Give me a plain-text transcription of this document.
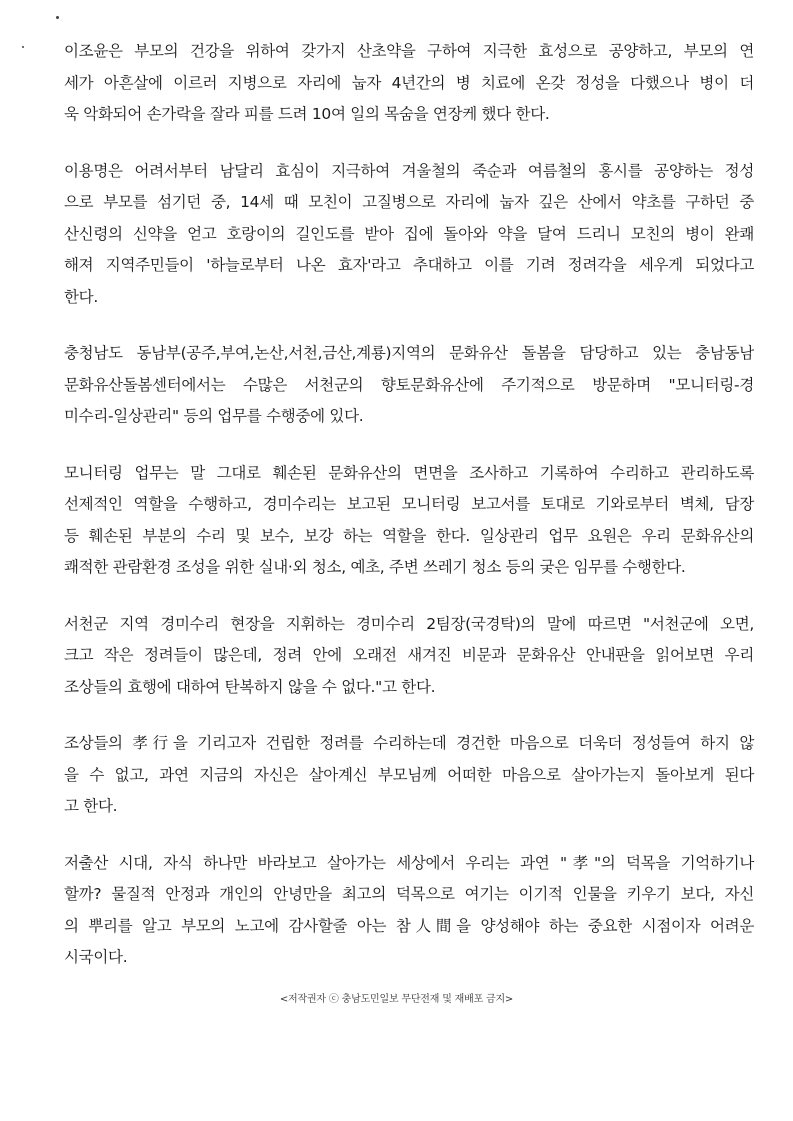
이조윤은 부모의 건강을 위하여 갖가지 산초약을 구하여 지극한 효성으로 공양하고, 부모의 연
세가 아흔살에 이르러 지병으로 자리에 눕자 4년간의 병 치료에 온갖 정성을 다했으나 병이 더
욱 악화되어 손가락을 잘라 피를 드려 10여 일의 목숨을 연장케 했다 한다.

이용명은 어려서부터 남달리 효심이 지극하여 겨울철의 죽순과 여름철의 홍시를 공양하는 정성
으로 부모를 섬기던 중, 14세 때 모친이 고질병으로 자리에 눕자 깊은 산에서 약초를 구하던 중
산신령의 신약을 얻고 호랑이의 길인도를 받아 집에 돌아와 약을 달여 드리니 모친의 병이 완쾌
해져 지역주민들이 '하늘로부터 나온 효자'라고 추대하고 이를 기려 정려각을 세우게 되었다고
한다.

충청남도 동남부(공주,부여,논산,서천,금산,계룡)지역의 문화유산 돌봄을 담당하고 있는 충남동남
문화유산돌봄센터에서는 수많은 서천군의 향토문화유산에 주기적으로 방문하며 "모니터링-경
미수리-일상관리" 등의 업무를 수행중에 있다.

모니터링 업무는 말 그대로 훼손된 문화유산의 면면을 조사하고 기록하여 수리하고 관리하도록
선제적인 역할을 수행하고, 경미수리는 보고된 모니터링 보고서를 토대로 기와로부터 벽체, 담장
등 훼손된 부분의 수리 및 보수, 보강 하는 역할을 한다. 일상관리 업무 요원은 우리 문화유산의
쾌적한 관람환경 조성을 위한 실내·외 청소, 예초, 주변 쓰레기 청소 등의 궂은 임무를 수행한다.

서천군 지역 경미수리 현장을 지휘하는 경미수리 2팀장(국경탁)의 말에 따르면 "서천군에 오면,
크고 작은 정려들이 많은데, 정려 안에 오래전 새겨진 비문과 문화유산 안내판을 읽어보면 우리
조상들의 효행에 대하여 탄복하지 않을 수 없다."고 한다.

조상들의 孝行을 기리고자 건립한 정려를 수리하는데 경건한 마음으로 더욱더 정성들여 하지 않
을 수 없고, 과연 지금의 자신은 살아계신 부모님께 어떠한 마음으로 살아가는지 돌아보게 된다
고 한다.

저출산 시대, 자식 하나만 바라보고 살아가는 세상에서 우리는 과연 "孝"의 덕목을 기억하기나
할까? 물질적 안정과 개인의 안녕만을 최고의 덕목으로 여기는 이기적 인물을 키우기 보다, 자신
의 뿌리를 알고 부모의 노고에 감사할줄 아는 참人間을 양성해야 하는 중요한 시점이자 어려운
시국이다.

<저작권자 ⓒ 충남도민일보 무단전재 및 재배포 금지>
